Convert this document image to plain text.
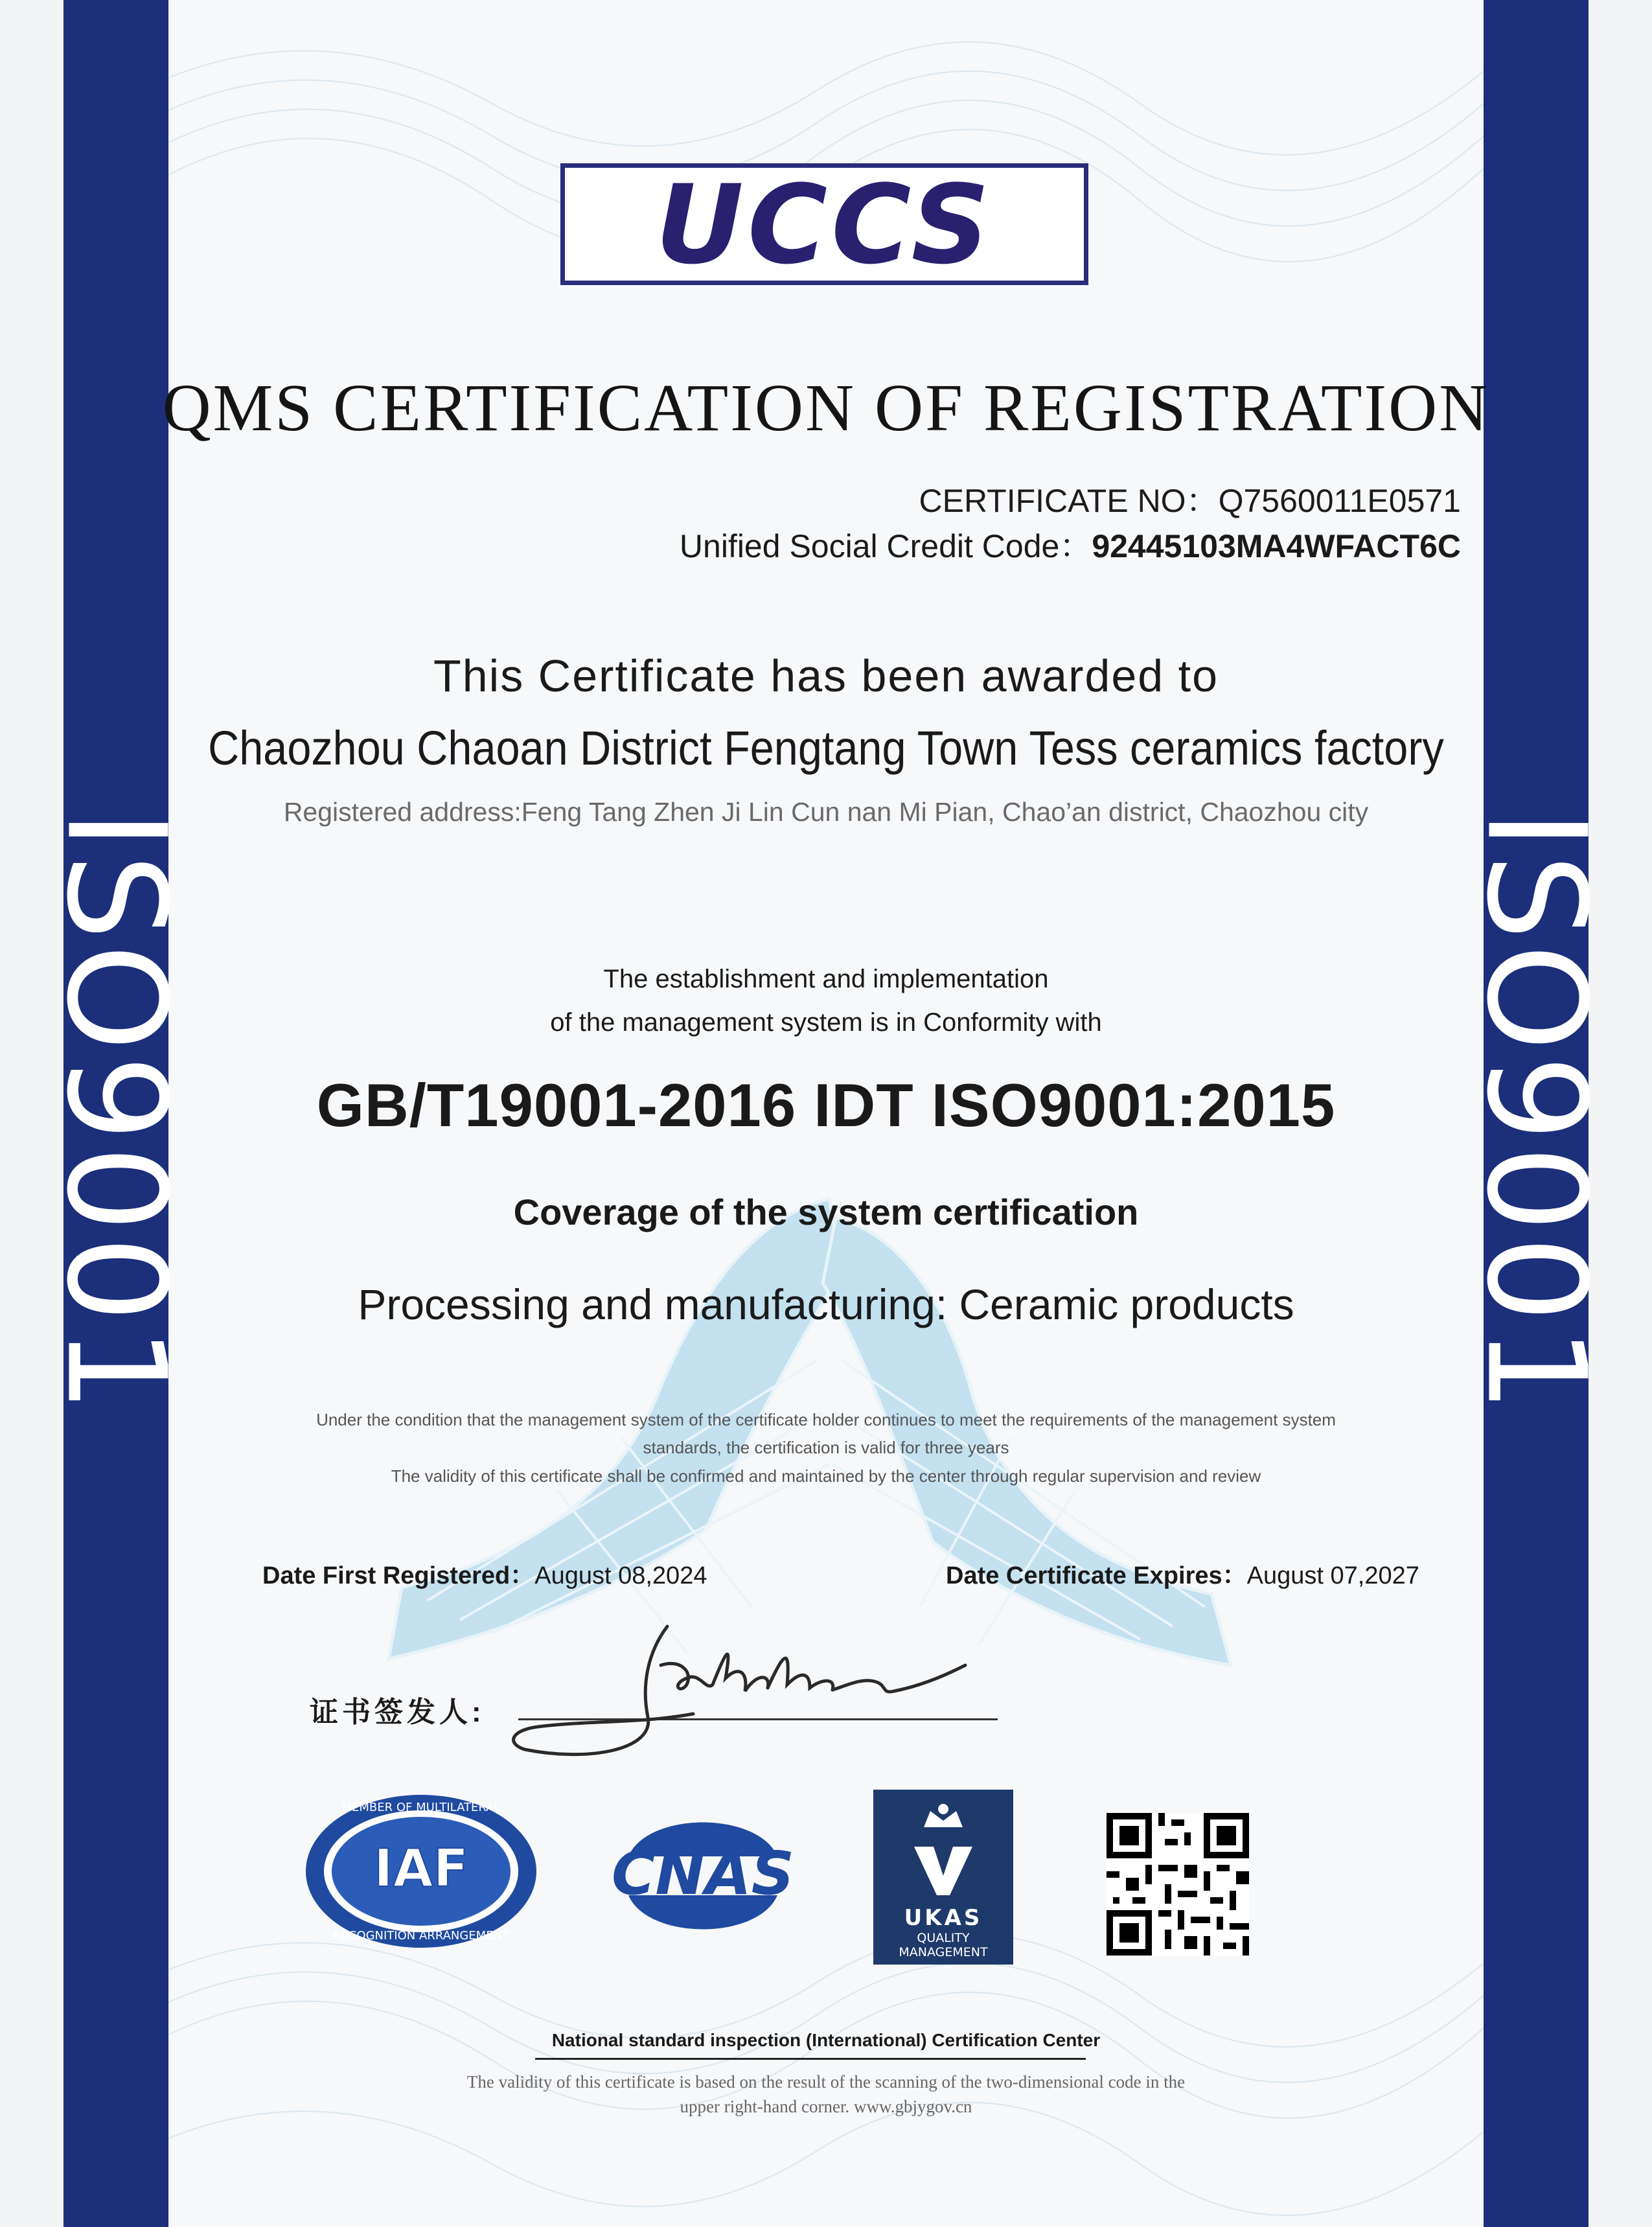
ISO9001	ISO9001
UCCS
QMS CERTIFICATION OF REGISTRATION
CERTIFICATE NO：Q7560011E0571
Unified Social Credit Code：92445103MA4WFACT6C
This Certificate has been awarded to
Chaozhou Chaoan District Fengtang Town Tess ceramics factory
Registered address:Feng Tang Zhen Ji Lin Cun nan Mi Pian, Chao’an district, Chaozhou city
The establishment and implementation
of the management system is in Conformity with
GB/T19001-2016 IDT ISO9001:2015
Coverage of the system certification
Processing and manufacturing: Ceramic products
Under the condition that the management system of the certificate holder continues to meet the requirements of the management system
standards, the certification is valid for three years
The validity of this certificate shall be confirmed and maintained by the center through regular supervision and review
Date First Registered：August 08,2024	Date Certificate Expires：August 07,2027
证书签发人:
IAF
MEMBER OF MULTILATERAL
RECOGNITION ARRANGEMENT
CNAS
UKAS
QUALITY
MANAGEMENT
National standard inspection (International) Certification Center
The validity of this certificate is based on the result of the scanning of the two-dimensional code in the
upper right-hand corner. www.gbjygov.cn
